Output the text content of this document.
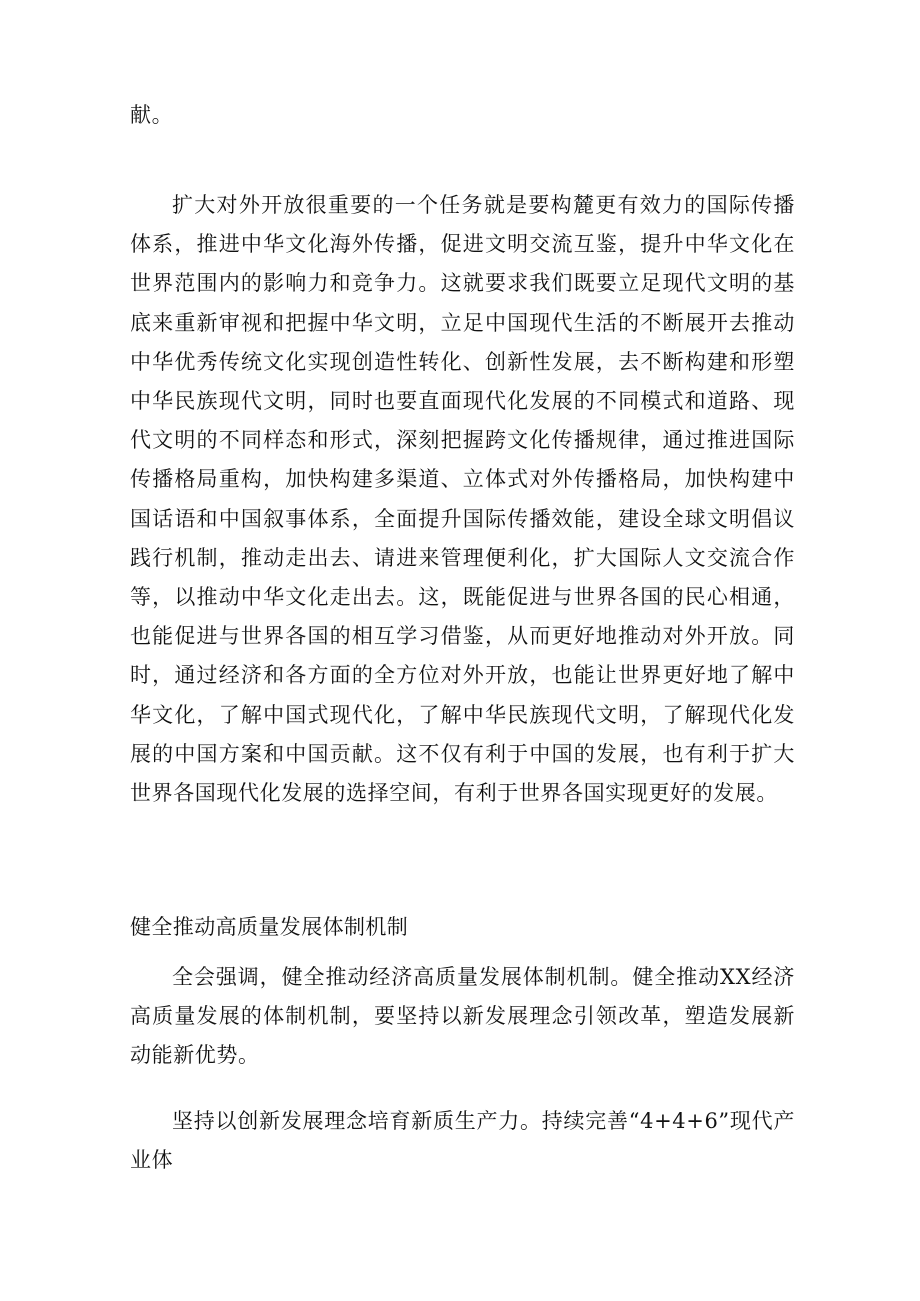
献。
扩大对外开放很重要的一个任务就是要构麓更有效力的国际传播体系，推进中华文化海外传播，促进文明交流互鉴，提升中华文化在世界范围内的影响力和竞争力。这就要求我们既要立足现代文明的基底来重新审视和把握中华文明，立足中国现代生活的不断展开去推动中华优秀传统文化实现创造性转化、创新性发展，去不断构建和形塑中华民族现代文明，同时也要直面现代化发展的不同模式和道路、现代文明的不同样态和形式，深刻把握跨文化传播规律，通过推进国际传播格局重构，加快构建多渠道、立体式对外传播格局，加快构建中国话语和中国叙事体系，全面提升国际传播效能，建设全球文明倡议践行机制，推动走出去、请进来管理便利化，扩大国际人文交流合作等，以推动中华文化走出去。这，既能促进与世界各国的民心相通，也能促进与世界各国的相互学习借鉴，从而更好地推动对外开放。同时，通过经济和各方面的全方位对外开放，也能让世界更好地了解中华文化，了解中国式现代化，了解中华民族现代文明，了解现代化发展的中国方案和中国贡献。这不仅有利于中国的发展，也有利于扩大世界各国现代化发展的选择空间，有利于世界各国实现更好的发展。
健全推动高质量发展体制机制
全会强调，健全推动经济高质量发展体制机制。健全推动XX经济高质量发展的体制机制，要坚持以新发展理念引领改革，塑造发展新动能新优势。
坚持以创新发展理念培育新质生产力。持续完善“4+4+6”现代产业体
